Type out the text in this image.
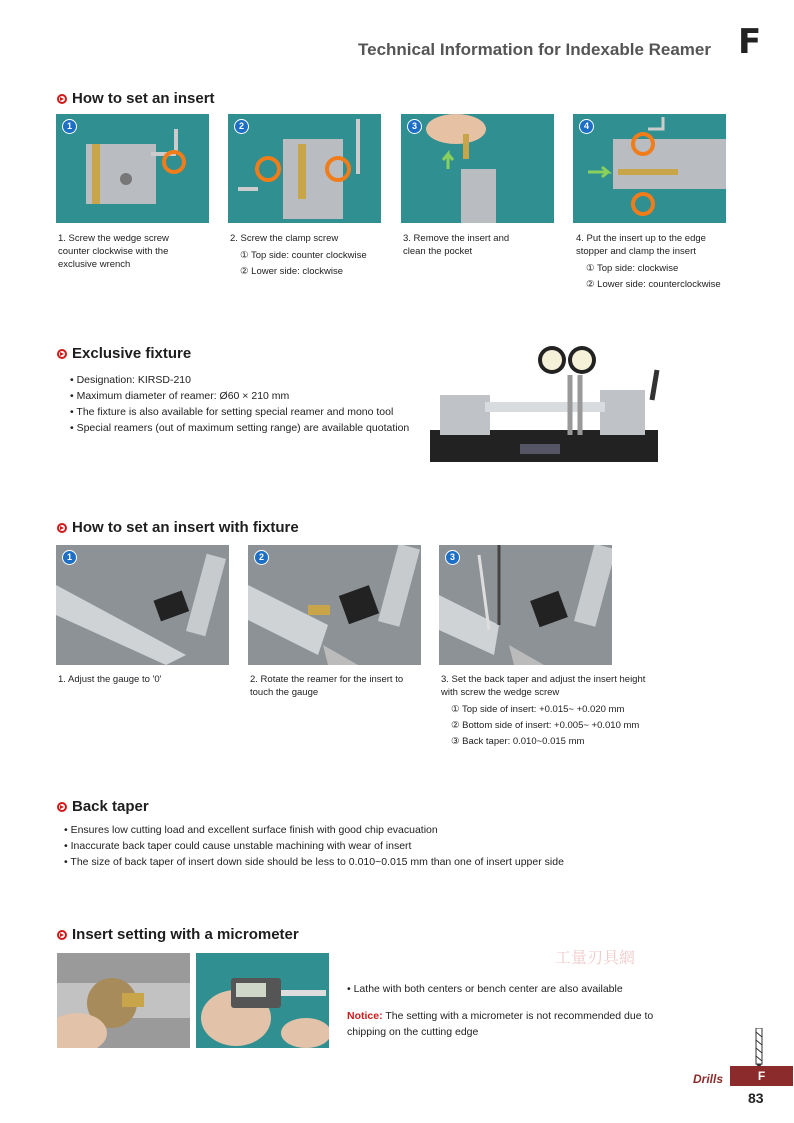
Technical Information for Indexable Reamer F
How to set an insert
1	2	3	4
1. Screw the wedge screw counter clockwise with the exclusive wrench
2. Screw the clamp screw
① Top side: counter clockwise
② Lower side: clockwise
3. Remove the insert and clean the pocket
4. Put the insert up to the edge stopper and clamp the insert
① Top side: clockwise
② Lower side: counterclockwise
Exclusive fixture
• Designation: KIRSD-210
• Maximum diameter of reamer: Ø60 × 210 mm
• The fixture is also available for setting special reamer and mono tool
• Special reamers (out of maximum setting range) are available quotation
How to set an insert with fixture
1	2	3
1. Adjust the gauge to '0'	2. Rotate the reamer for the insert to touch the gauge
3. Set the back taper and adjust the insert height with screw the wedge screw
① Top side of insert: +0.015~ +0.020 mm
② Bottom side of insert: +0.005~ +0.010 mm
③ Back taper: 0.010~0.015 mm
Back taper
• Ensures low cutting load and excellent surface finish with good chip evacuation
• Inaccurate back taper could cause unstable machining with wear of insert
• The size of back taper of insert down side should be less to 0.010~0.015 mm than one of insert upper side
Insert setting with a micrometer
• Lathe with both centers or bench center are also available
Notice: The setting with a micrometer is not recommended due to chipping on the cutting edge
工量刃具網
Drills	F
83
